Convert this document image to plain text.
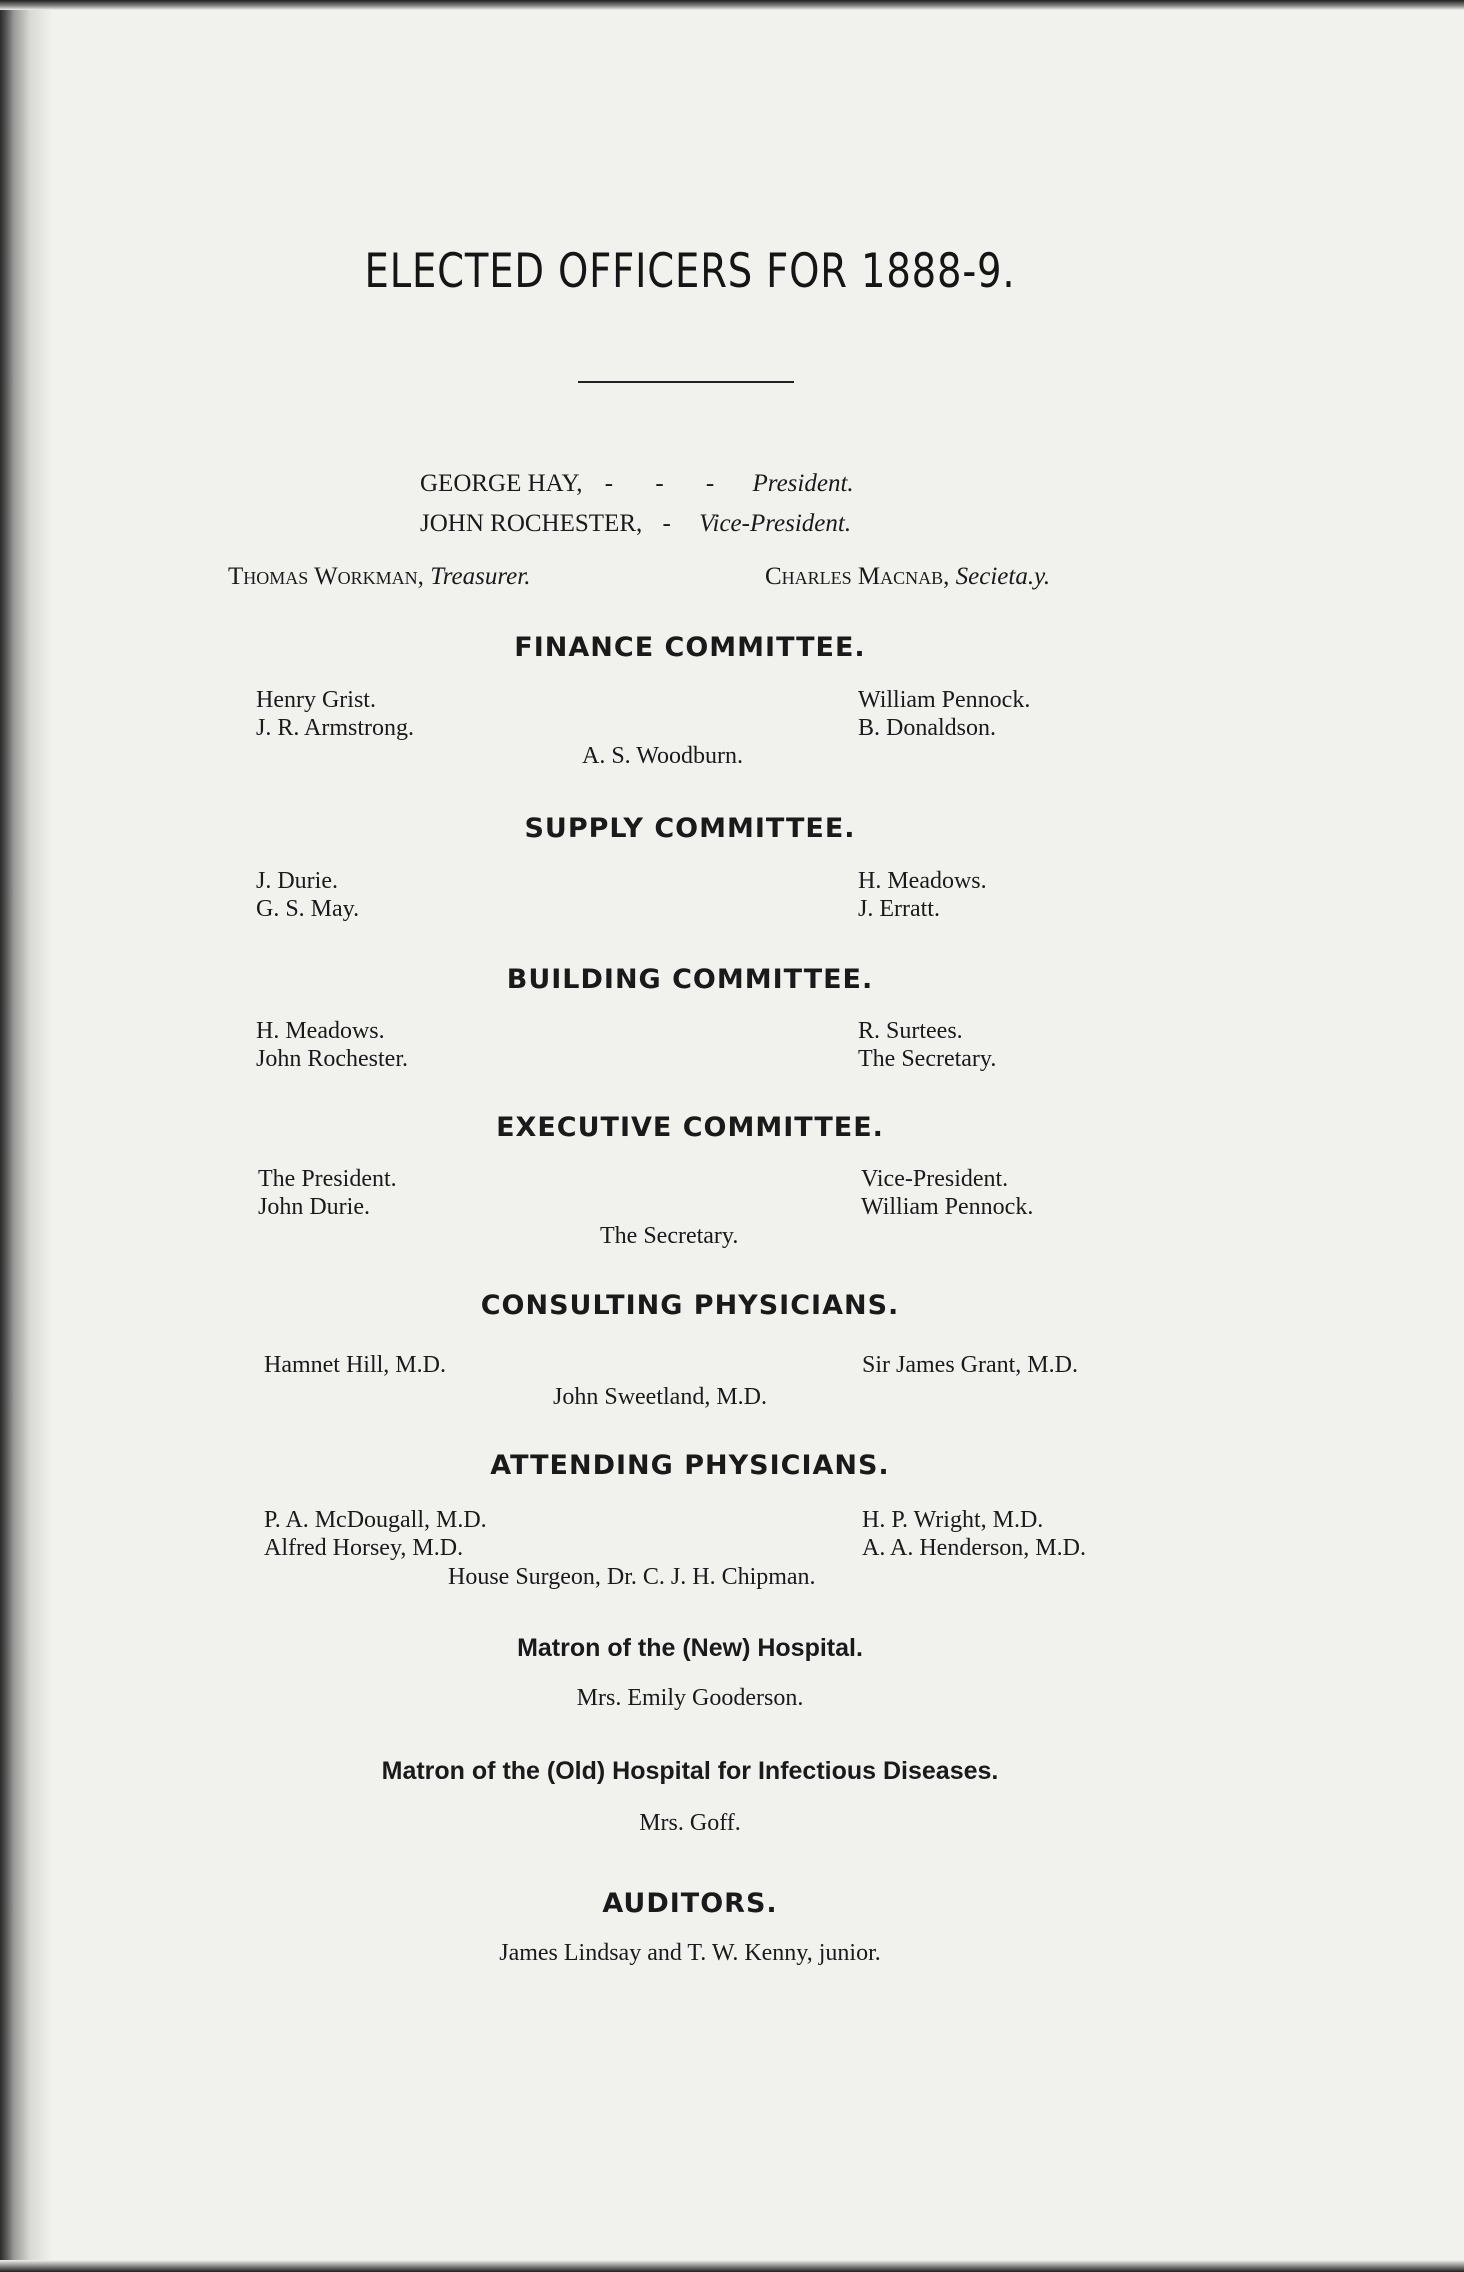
ELECTED OFFICERS FOR 1888-9.
GEORGE HAY, - - - President.
JOHN ROCHESTER, - Vice-President.
Thomas Workman, Treasurer.	Charles Macnab, Secieta.y.
FINANCE COMMITTEE.
Henry Grist.
J. R. Armstrong.
William Pennock.
B. Donaldson.
A. S. Woodburn.
SUPPLY COMMITTEE.
J. Durie.
G. S. May.
H. Meadows.
J. Erratt.
BUILDING COMMITTEE.
H. Meadows.
John Rochester.
R. Surtees.
The Secretary.
EXECUTIVE COMMITTEE.
The President.
John Durie.
Vice-President.
William Pennock.
The Secretary.
CONSULTING PHYSICIANS.
Hamnet Hill, M.D.	Sir James Grant, M.D.
John Sweetland, M.D.
ATTENDING PHYSICIANS.
P. A. McDougall, M.D.
Alfred Horsey, M.D.
H. P. Wright, M.D.
A. A. Henderson, M.D.
House Surgeon, Dr. C. J. H. Chipman.
Matron of the (New) Hospital.
Mrs. Emily Gooderson.
Matron of the (Old) Hospital for Infectious Diseases.
Mrs. Goff.
AUDITORS.
James Lindsay and T. W. Kenny, junior.
